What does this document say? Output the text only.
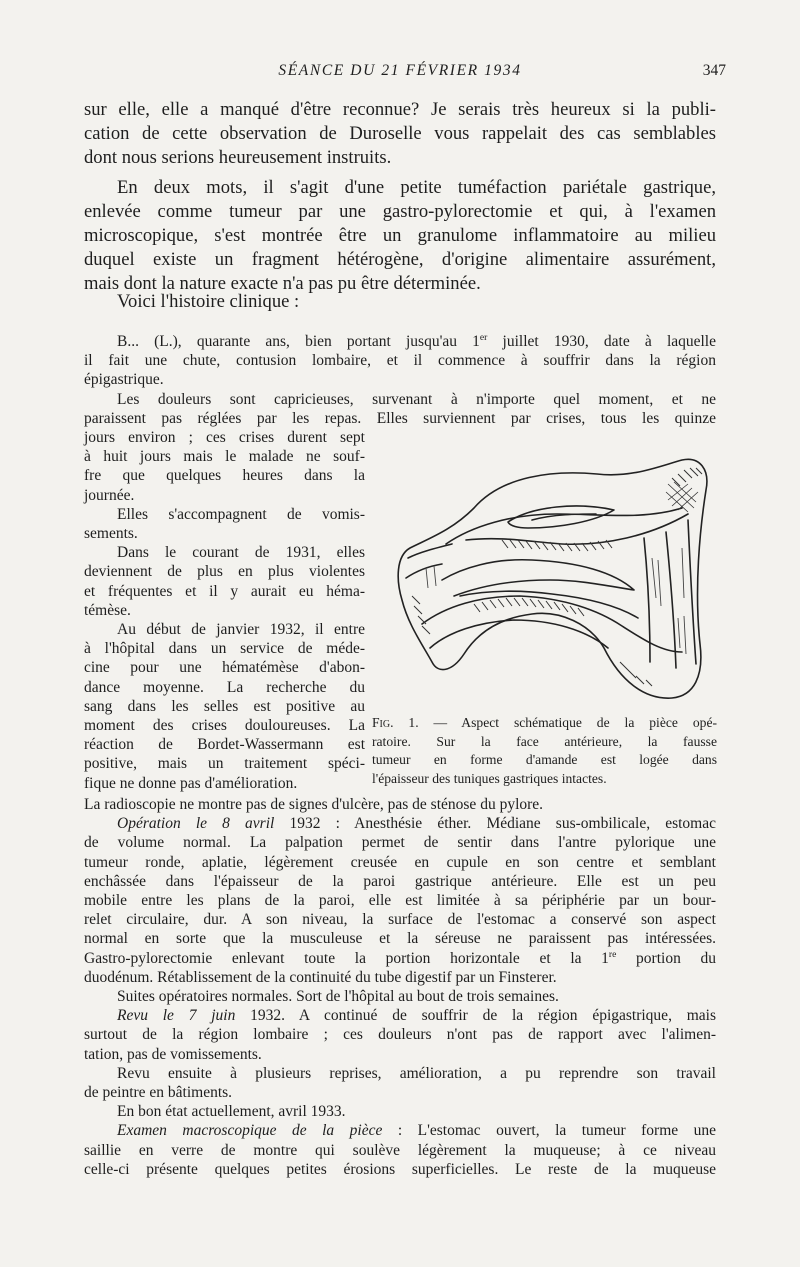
SÉANCE DU 21 FÉVRIER 1934	347

sur elle, elle a manqué d'être reconnue? Je serais très heureux si la publi-
cation de cette observation de Duroselle vous rappelait des cas semblables
dont nous serions heureusement instruits.

En deux mots, il s'agit d'une petite tuméfaction pariétale gastrique,
enlevée comme tumeur par une gastro-pylorectomie et qui, à l'examen
microscopique, s'est montrée être un granulome inflammatoire au milieu
duquel existe un fragment hétérogène, d'origine alimentaire assurément,
mais dont la nature exacte n'a pas pu être déterminée.

Voici l'histoire clinique :

B... (L.), quarante ans, bien portant jusqu'au 1er juillet 1930, date à laquelle
il fait une chute, contusion lombaire, et il commence à souffrir dans la région
épigastrique.

Les douleurs sont capricieuses, survenant à n'importe quel moment, et ne
paraissent pas réglées par les repas. Elles surviennent par crises, tous les quinze

jours environ ; ces crises durent sept
à huit jours mais le malade ne souf-
fre que quelques heures dans la
journée.

Elles s'accompagnent de vomis-
sements.

Dans le courant de 1931, elles
deviennent de plus en plus violentes
et fréquentes et il y aurait eu héma-
témèse.

Au début de janvier 1932, il entre
à l'hôpital dans un service de méde-
cine pour une hématémèse d'abon-
dance moyenne. La recherche du
sang dans les selles est positive au
moment des crises douloureuses. La
réaction de Bordet-Wassermann est
positive, mais un traitement spéci-
fique ne donne pas d'amélioration.

Fig. 1. — Aspect schématique de la pièce opé-
ratoire. Sur la face antérieure, la fausse
tumeur en forme d'amande est logée dans
l'épaisseur des tuniques gastriques intactes.

La radioscopie ne montre pas de signes d'ulcère, pas de sténose du pylore.
Opération le 8 avril 1932 : Anesthésie éther. Médiane sus-ombilicale, estomac
de volume normal. La palpation permet de sentir dans l'antre pylorique une
tumeur ronde, aplatie, légèrement creusée en cupule en son centre et semblant
enchâssée dans l'épaisseur de la paroi gastrique antérieure. Elle est un peu
mobile entre les plans de la paroi, elle est limitée à sa périphérie par un bour-
relet circulaire, dur. A son niveau, la surface de l'estomac a conservé son aspect
normal en sorte que la musculeuse et la séreuse ne paraissent pas intéressées.
Gastro-pylorectomie enlevant toute la portion horizontale et la 1re portion du
duodénum. Rétablissement de la continuité du tube digestif par un Finsterer.
Suites opératoires normales. Sort de l'hôpital au bout de trois semaines.
Revu le 7 juin 1932. A continué de souffrir de la région épigastrique, mais
surtout de la région lombaire ; ces douleurs n'ont pas de rapport avec l'alimen-
tation, pas de vomissements.
Revu ensuite à plusieurs reprises, amélioration, a pu reprendre son travail
de peintre en bâtiments.
En bon état actuellement, avril 1933.
Examen macroscopique de la pièce : L'estomac ouvert, la tumeur forme une
saillie en verre de montre qui soulève légèrement la muqueuse; à ce niveau
celle-ci présente quelques petites érosions superficielles. Le reste de la muqueuse
